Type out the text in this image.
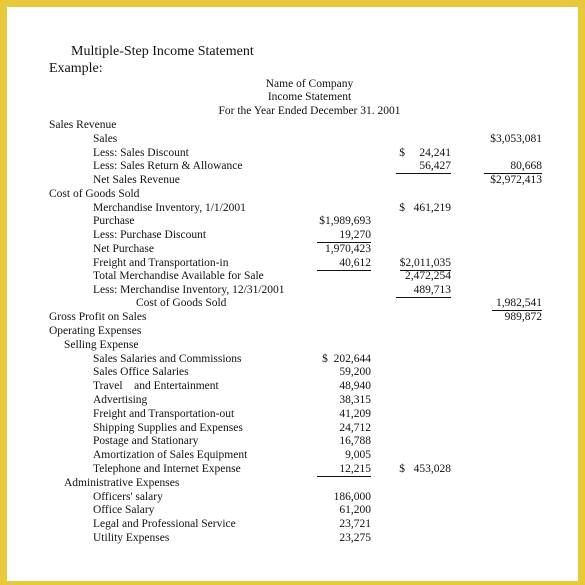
Multiple-Step Income Statement
Example:
Name of Company
Income Statement
For the Year Ended December 31. 2001
Sales Revenue
Sales	$3,053,081
Less: Sales Discount	$     24,241
Less: Sales Return & Allowance	56,427	80,668
Net Sales Revenue	$2,972,413
Cost of Goods Sold
Merchandise Inventory, 1/1/2001	$   461,219
Purchase	$1,989,693
Less: Purchase Discount	19,270
Net Purchase	1,970,423
Freight and Transportation-in	40,612 $2,011,035
Total Merchandise Available for Sale	2,472,254
Less: Merchandise Inventory, 12/31/2001	489,713
Cost of Goods Sold	1,982,541
Gross Profit on Sales	989,872
Operating Expenses
Selling Expense
Sales Salaries and Commissions	$  202,644
Sales Office Salaries	59,200
Travel    and Entertainment	48,940
Advertising	38,315
Freight and Transportation-out	41,209
Shipping Supplies and Expenses	24,712
Postage and Stationary	16,788
Amortization of Sales Equipment	9,005
Telephone and Internet Expense	12,215 $   453,028
Administrative Expenses
Officers' salary	186,000
Office Salary	61,200
Legal and Professional Service	23,721
Utility Expenses	23,275
